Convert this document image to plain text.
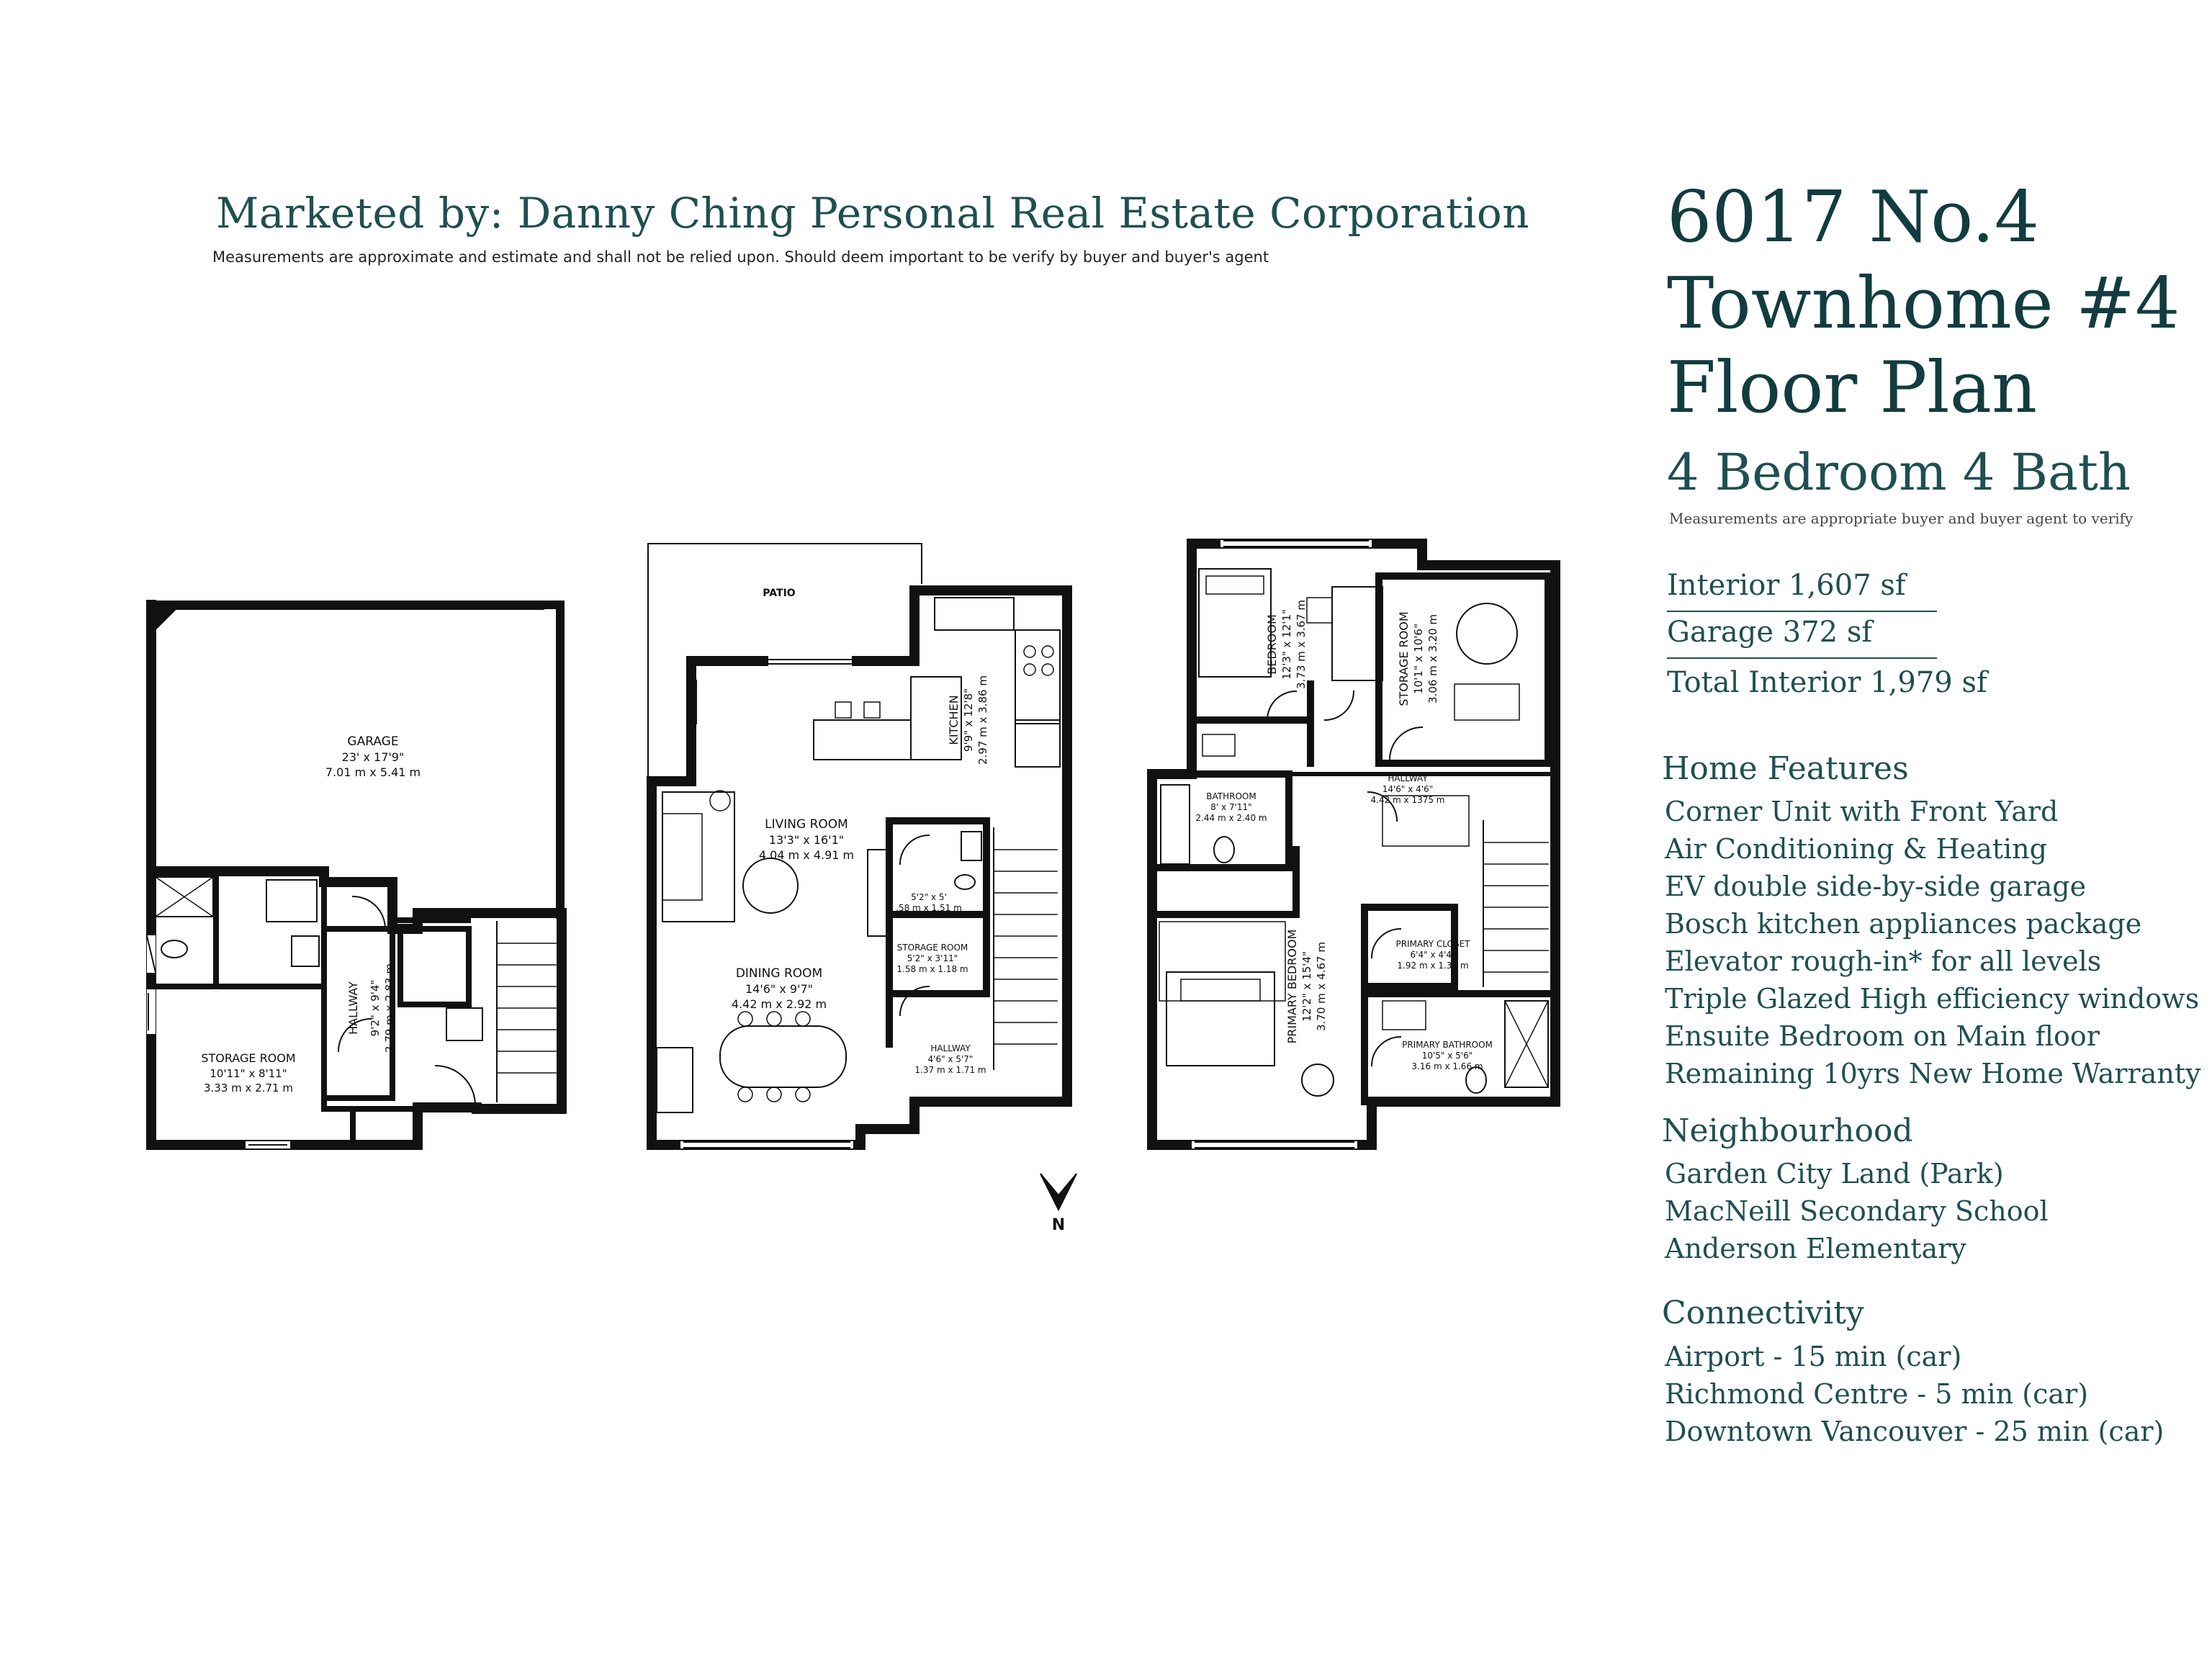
Marketed by: Danny Ching Personal Real Estate Corporation
Measurements are approximate and estimate and shall not be relied upon. Should deem important to be verify by buyer and buyer's agent	6017 No.4
Townhome #4
Floor Plan
4 Bedroom 4 Bath
Measurements are appropriate buyer and buyer agent to verify
Interior 1,607 sf
Garage 372 sf
Total Interior 1,979 sf
Home Features
Corner Unit with Front Yard
Air Conditioning & Heating
EV double side-by-side garage
Bosch kitchen appliances package
Elevator rough-in* for all levels
Triple Glazed High efficiency windows
Ensuite Bedroom on Main floor
Remaining 10yrs New Home Warranty
Neighbourhood
Garden City Land (Park)
MacNeill Secondary School
Anderson Elementary
Connectivity
Airport - 15 min (car)
Richmond Centre - 5 min (car)
Downtown Vancouver - 25 min (car)
N
PATIO
GARAGE
23' x 17'9"
7.01 m x 5.41 m
STORAGE ROOM
10'11" x 8'11"
3.33 m x 2.71 m
HALLWAY 9'2" x 9'4" 2.79 m x 2.83 m
LIVING ROOM
13'3" x 16'1"
4.04 m x 4.91 m
DINING ROOM
14'6" x 9'7"
4.42 m x 2.92 m
KITCHEN 9'9" x 12'8" 2.97 m x 3.86 m
5'2" x 5'
.58 m x 1.51 m
STORAGE ROOM
5'2" x 3'11"
1.58 m x 1.18 m
HALLWAY
4'6" x 5'7"
1.37 m x 1.71 m
BEDROOM 12'3" x 12'1" 3.73 m x 3.67 m	STORAGE ROOM 10'1" x 10'6" 3.06 m x 3.20 m
BATHROOM
8' x 7'11"
2.44 m x 2.40 m
HALLWAY
14'6" x 4'6"
4.42 m x 1375 m
PRIMARY BEDROOM 12'2" x 15'4" 3.70 m x 4.67 m	PRIMARY CLOSET
6'4" x 4'4"
1.92 m x 1.31 m
PRIMARY BATHROOM
10'5" x 5'6"
3.16 m x 1.66 m
